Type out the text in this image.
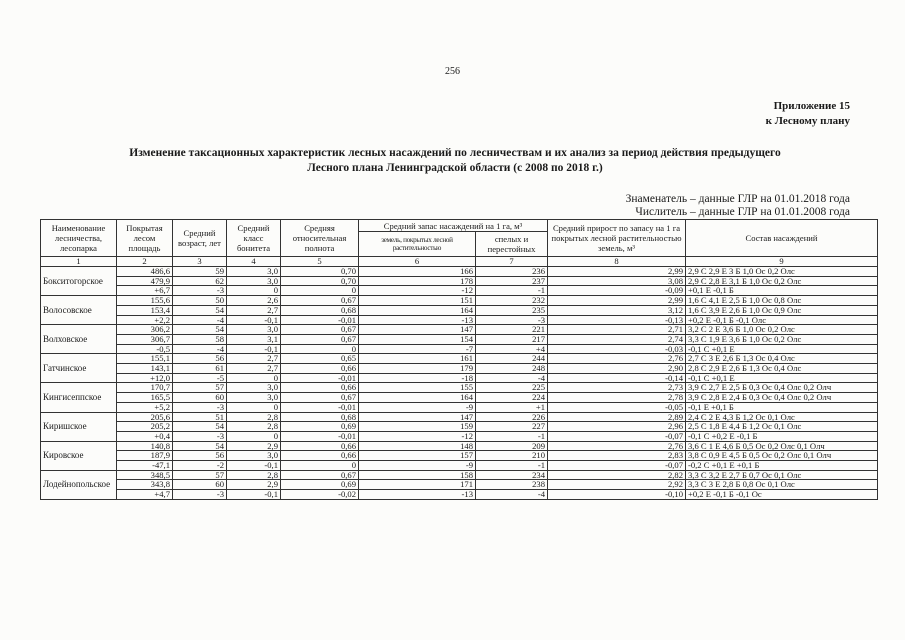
256
Приложение 15
к Лесному плану
Изменение таксационных характеристик лесных насаждений по лесничествам и их анализ за период действия предыдущего
Лесного плана Ленинградской области (с 2008 по 2018 г.)
Знаменатель – данные ГЛР на 01.01.2018 года
Числитель – данные ГЛР на 01.01.2008 года
Наименование лесничества, лесопарка	Покрытая лесом площадь	Средний возраст, лет	Средний класс бонитета	Средняя относительная полнота	Средний запас насаждений на 1 га, м³		Средний прирост по запасу на 1 га покрытых лесной растительностью земель, м³	Состав насаждений
					земель, покрытых лесной растительностью	спелых и перестойных		
1	2	3	4	5	6	7	8	9
Бокситогорское	486,6	59	3,0	0,70	166	236	2,99	2,9 С 2,9 Е 3 Б 1,0 Ос 0,2 Олс
	479,9	62	3,0	0,70	178	237	3,08	2,9 С 2,8 Е 3,1 Б 1,0 Ос 0,2 Олс
	+6,7	-3	0	0	-12	-1	-0,09	+0,1 Е -0,1 Б
Волосовское	155,6	50	2,6	0,67	151	232	2,99	1,6 С 4,1 Е 2,5 Б 1,0 Ос 0,8 Олс
	153,4	54	2,7	0,68	164	235	3,12	1,6 С 3,9 Е 2,6 Б 1,0 Ос 0,9 Олс
	+2,2	-4	-0,1	-0,01	-13	-3	-0,13	+0,2 Е -0,1 Б -0,1 Олс
Волховское	306,2	54	3,0	0,67	147	221	2,71	3,2 С 2 Е 3,6 Б 1,0 Ос 0,2 Олс
	306,7	58	3,1	0,67	154	217	2,74	3,3 С 1,9 Е 3,6 Б 1,0 Ос 0,2 Олс
	-0,5	-4	-0,1	0	-7	+4	-0,03	-0,1 С +0,1 Е
Гатчинское	155,1	56	2,7	0,65	161	244	2,76	2,7 С 3 Е 2,6 Б 1,3 Ос 0,4 Олс
	143,1	61	2,7	0,66	179	248	2,90	2,8 С 2,9 Е 2,6 Б 1,3 Ос 0,4 Олс
	+12,0	-5	0	-0,01	-18	-4	-0,14	-0,1 С +0,1 Е
Кингисеппское	170,7	57	3,0	0,66	155	225	2,73	3,9 С 2,7 Е 2,5 Б 0,3 Ос 0,4 Олс 0,2 Олч
	165,5	60	3,0	0,67	164	224	2,78	3,9 С 2,8 Е 2,4 Б 0,3 Ос 0,4 Олс 0,2 Олч
	+5,2	-3	0	-0,01	-9	+1	-0,05	-0,1 Е +0,1 Б
Киришское	205,6	51	2,8	0,68	147	226	2,89	2,4 С 2 Е 4,3 Б 1,2 Ос 0,1 Олс
	205,2	54	2,8	0,69	159	227	2,96	2,5 С 1,8 Е 4,4 Б 1,2 Ос 0,1 Олс
	+0,4	-3	0	-0,01	-12	-1	-0,07	-0,1 С +0,2 Е -0,1 Б
Кировское	140,8	54	2,9	0,66	148	209	2,76	3,6 С 1 Е 4,6 Б 0,5 Ос 0,2 Олс 0,1 Олч
	187,9	56	3,0	0,66	157	210	2,83	3,8 С 0,9 Е 4,5 Б 0,5 Ос 0,2 Олс 0,1 Олч
	-47,1	-2	-0,1	0	-9	-1	-0,07	-0,2 С +0,1 Е +0,1 Б
Лодейнопольское	348,5	57	2,8	0,67	158	234	2,82	3,3 С 3,2 Е 2,7 Б 0,7 Ос 0,1 Олс
	343,8	60	2,9	0,69	171	238	2,92	3,3 С 3 Е 2,8 Б 0,8 Ос 0,1 Олс
	+4,7	-3	-0,1	-0,02	-13	-4	-0,10	+0,2 Е -0,1 Б -0,1 Ос
